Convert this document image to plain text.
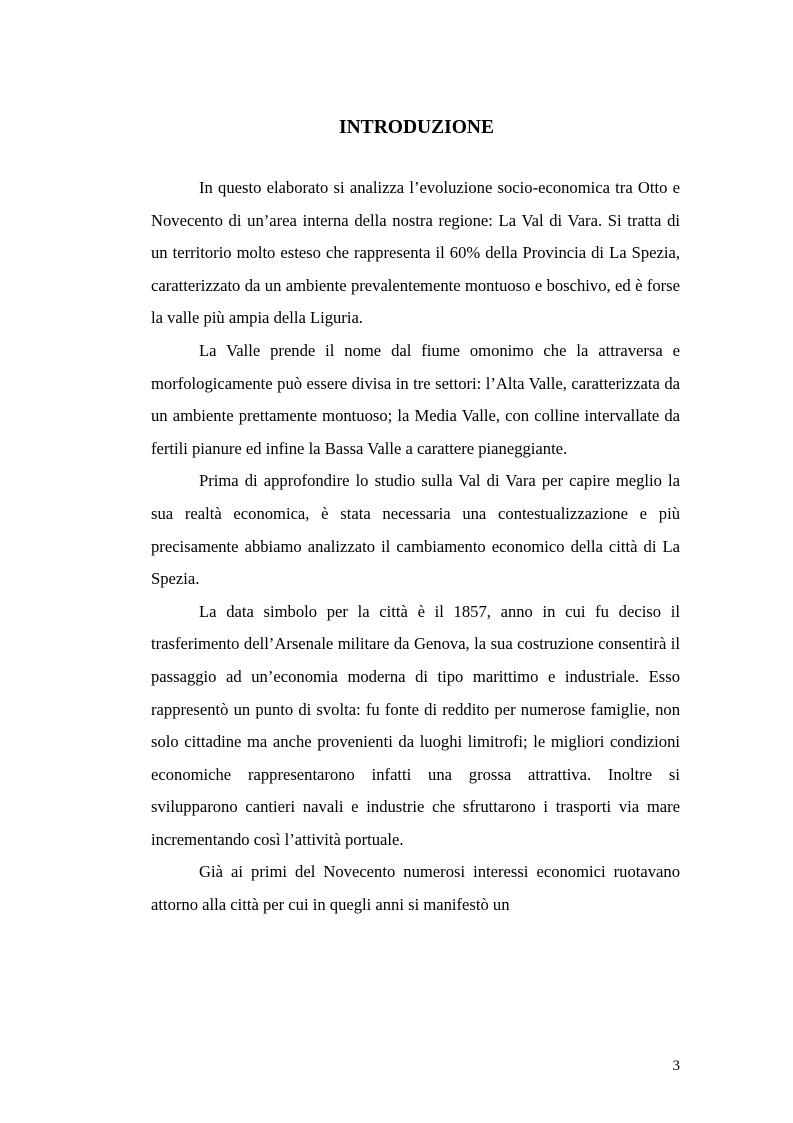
INTRODUZIONE

In questo elaborato si analizza l’evoluzione socio-economica tra Otto e Novecento di un’area interna della nostra regione: La Val di Vara. Si tratta di un territorio molto esteso che rappresenta il 60% della Provincia di La Spezia, caratterizzato da un ambiente prevalentemente montuoso e boschivo, ed è forse la valle più ampia della Liguria.

La Valle prende il nome dal fiume omonimo che la attraversa e morfologicamente può essere divisa in tre settori: l’Alta Valle, caratterizzata da un ambiente prettamente montuoso; la Media Valle, con colline intervallate da fertili pianure ed infine la Bassa Valle a carattere pianeggiante.

Prima di approfondire lo studio sulla Val di Vara per capire meglio la sua realtà economica, è stata necessaria una contestualizzazione e più precisamente abbiamo analizzato il cambiamento economico della città di La Spezia.

La data simbolo per la città è il 1857, anno in cui fu deciso il trasferimento dell’Arsenale militare da Genova, la sua costruzione consentirà il passaggio ad un’economia moderna di tipo marittimo e industriale. Esso rappresentò un punto di svolta: fu fonte di reddito per numerose famiglie, non solo cittadine ma anche provenienti da luoghi limitrofi; le migliori condizioni economiche rappresentarono infatti una grossa attrattiva. Inoltre si svilupparono cantieri navali e industrie che sfruttarono i trasporti via mare incrementando così l’attività portuale.

Già ai primi del Novecento numerosi interessi economici ruotavano attorno alla città per cui in quegli anni si manifestò un

3
